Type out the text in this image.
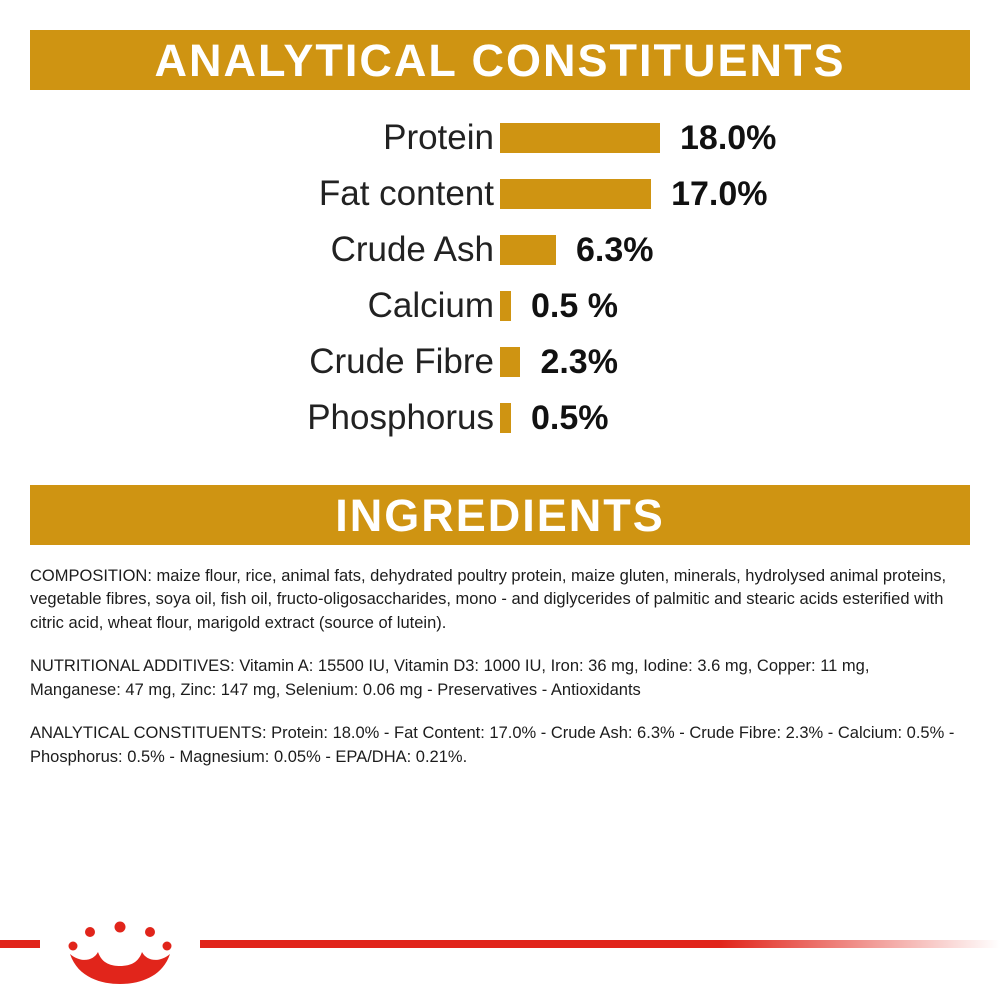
ANALYTICAL CONSTITUENTS
Protein	18.0%
Fat content	17.0%
Crude Ash	6.3%
Calcium	0.5 %
Crude Fibre	2.3%
Phosphorus	0.5%
INGREDIENTS

COMPOSITION: maize flour, rice, animal fats, dehydrated poultry protein, maize gluten, minerals, hydrolysed animal proteins, vegetable fibres, soya oil, fish oil, fructo-oligosaccharides, mono - and diglycerides of palmitic and stearic acids esterified with citric acid, wheat flour, marigold extract (source of lutein).

NUTRITIONAL ADDITIVES: Vitamin A: 15500 IU, Vitamin D3: 1000 IU, Iron: 36 mg, Iodine: 3.6 mg, Copper: 11 mg, Manganese: 47 mg, Zinc: 147 mg, Selenium: 0.06 mg - Preservatives - Antioxidants

ANALYTICAL CONSTITUENTS: Protein: 18.0% - Fat Content: 17.0% - Crude Ash: 6.3% - Crude Fibre: 2.3% - Calcium: 0.5% - Phosphorus: 0.5% - Magnesium: 0.05% - EPA/DHA: 0.21%.
